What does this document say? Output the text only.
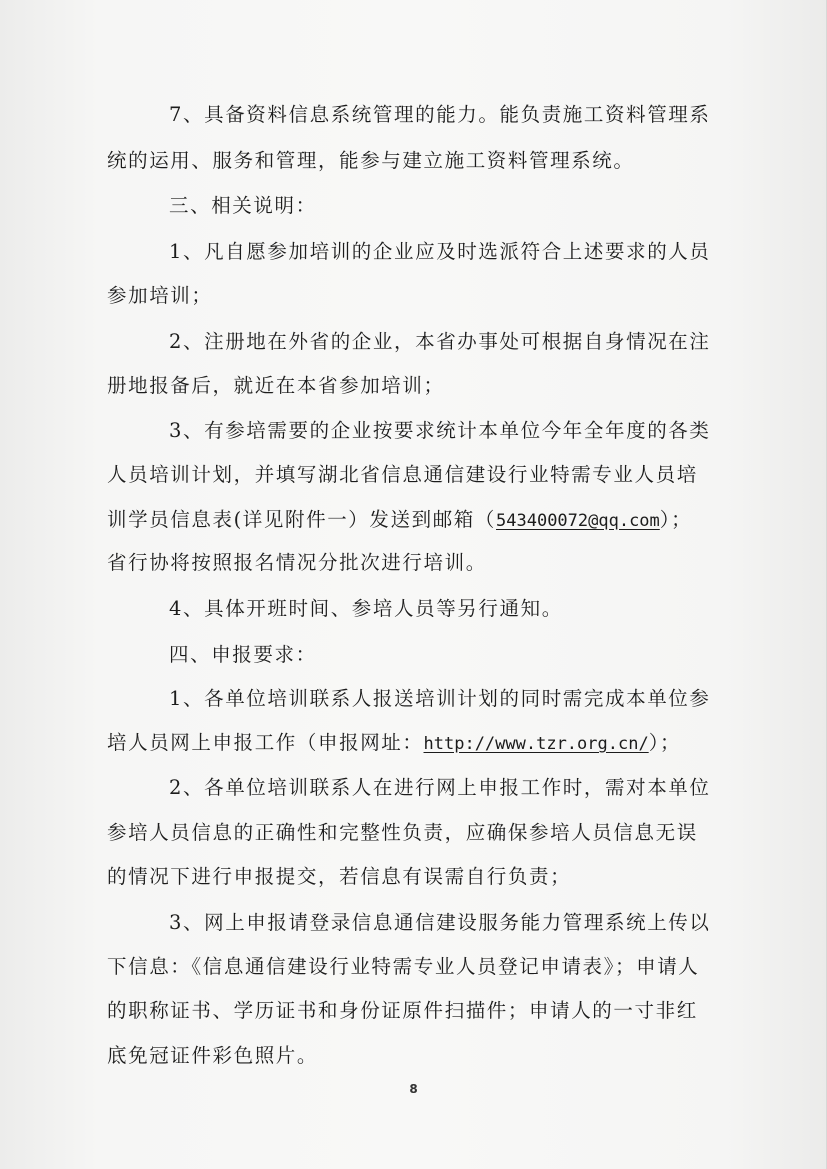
7、具备资料信息系统管理的能力。能负责施工资料管理系
统的运用、服务和管理，能参与建立施工资料管理系统。
三、相关说明：
1、凡自愿参加培训的企业应及时选派符合上述要求的人员
参加培训；
2、注册地在外省的企业，本省办事处可根据自身情况在注
册地报备后，就近在本省参加培训；
3、有参培需要的企业按要求统计本单位今年全年度的各类
人员培训计划，并填写湖北省信息通信建设行业特需专业人员培
训学员信息表(详见附件一）发送到邮箱（543400072@qq.com）；
省行协将按照报名情况分批次进行培训。
4、具体开班时间、参培人员等另行通知。
四、申报要求：
1、各单位培训联系人报送培训计划的同时需完成本单位参
培人员网上申报工作（申报网址：http://www.tzr.org.cn/）；
2、各单位培训联系人在进行网上申报工作时，需对本单位
参培人员信息的正确性和完整性负责，应确保参培人员信息无误
的情况下进行申报提交，若信息有误需自行负责；
3、网上申报请登录信息通信建设服务能力管理系统上传以
下信息：《信息通信建设行业特需专业人员登记申请表》；申请人
的职称证书、学历证书和身份证原件扫描件；申请人的一寸非红
底免冠证件彩色照片。
8
